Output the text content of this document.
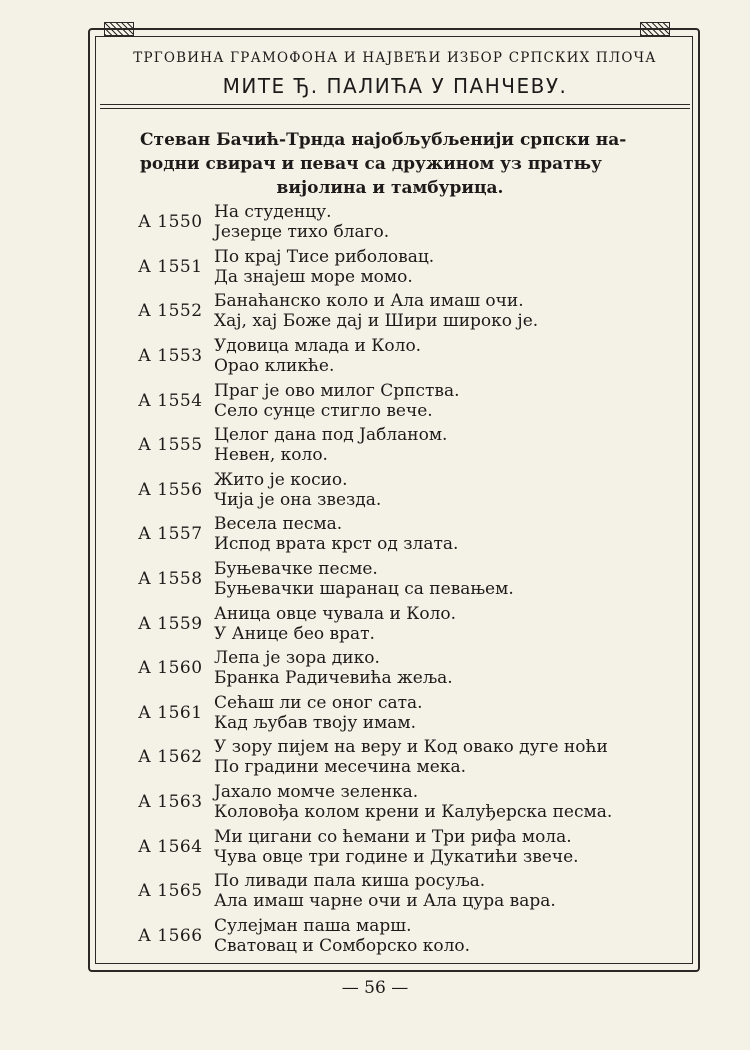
ТРГОВИНА ГРАМОФОНА И НАЈВЕЋИ ИЗБОР СРПСКИХ ПЛОЧА
МИТЕ Ђ. ПАЛИЋА У ПАНЧЕВУ.
Стеван Бачић-Трнда најобљубљенији српски на-
родни свирач и певач са дружином уз пратњу
вијолина и тамбурица.
А 1550 На студенцу.
Језерце тихо благо.
А 1551 По крај Тисе риболовац.
Да знајеш море момо.
А 1552 Банаћанско коло и Ала имаш очи.
Хај, хај Боже дај и Шири широко је.
А 1553 Удовица млада и Коло.
Орао кликће.
А 1554 Праг је ово милог Српства.
Село сунце стигло вече.
А 1555 Целог дана под Јабланом.
Невен, коло.
А 1556 Жито је косио.
Чија је она звезда.
А 1557 Весела песма.
Испод врата крст од злата.
А 1558 Буњевачке песме.
Буњевачки шаранац са певањем.
А 1559 Аница овце чувала и Коло.
У Анице бео врат.
А 1560 Лепа је зора дико.
Бранка Радичевића жеља.
А 1561 Сећаш ли се оног сата.
Кад љубав твоју имам.
А 1562 У зору пијем на веру и Код овако дуге ноћи
По градини месечина мека.
А 1563 Јахало момче зеленка.
Коловођа колом крени и Калуђерска песма.
А 1564 Ми цигани со ћемани и Три рифа мола.
Чува овце три године и Дукатићи звече.
А 1565 По ливади пала киша росуља.
Ала имаш чарне очи и Ала цура вара.
А 1566 Сулејман паша марш.
Сватовац и Сомборско коло.
— 56 —
